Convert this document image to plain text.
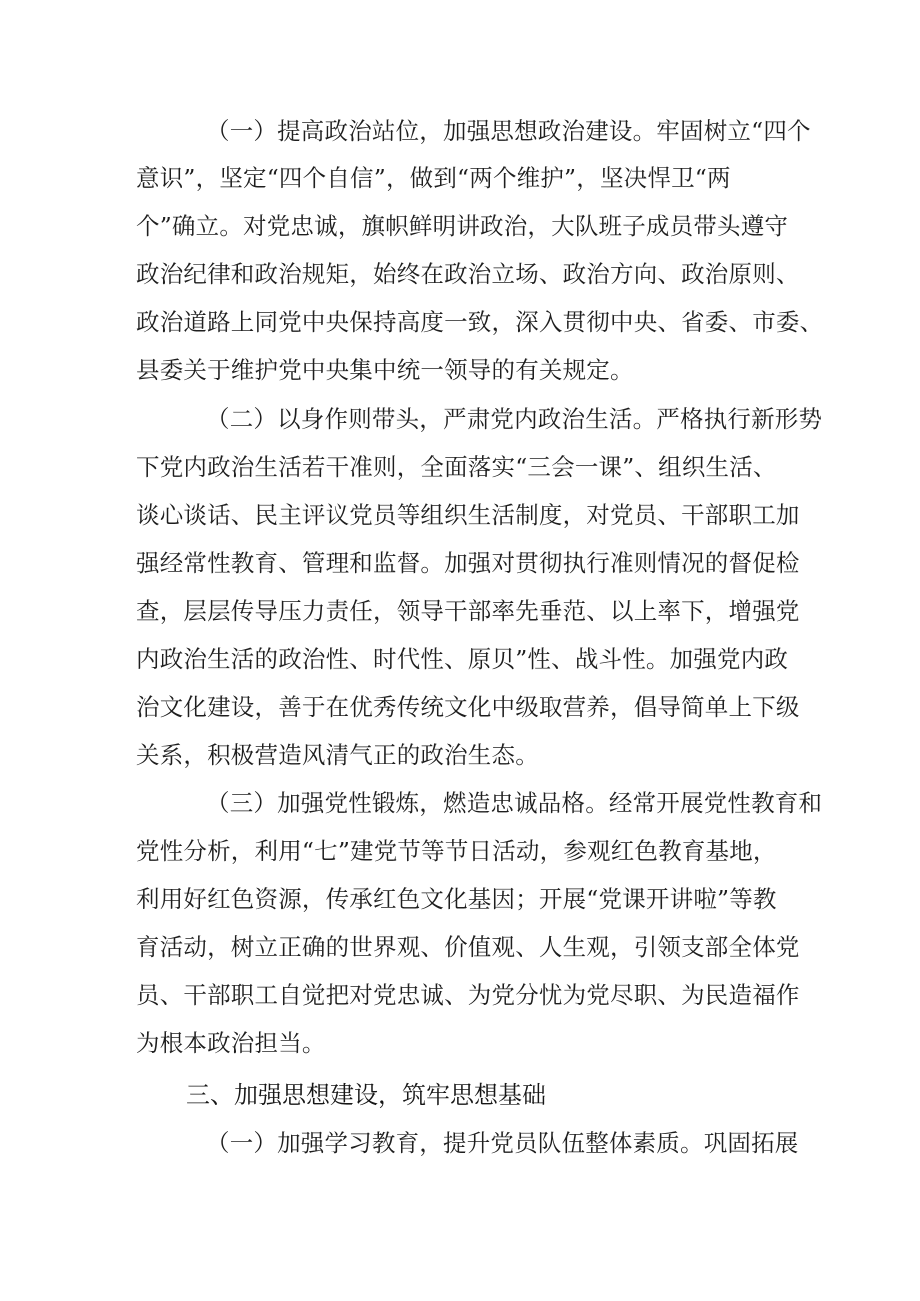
（一）提高政治站位，加强思想政治建设。牢固树立“四个
意识”，坚定“四个自信”，做到“两个维护”，坚决悍卫“两
个”确立。对党忠诚，旗帜鲜明讲政治，大队班子成员带头遵守
政治纪律和政治规矩，始终在政治立场、政治方向、政治原则、
政治道路上同党中央保持高度一致，深入贯彻中央、省委、市委、
县委关于维护党中央集中统一领导的有关规定。
（二）以身作则带头，严肃党内政治生活。严格执行新形势
下党内政治生活若干准则，全面落实“三会一课”、组织生活、
谈心谈话、民主评议党员等组织生活制度，对党员、干部职工加
强经常性教育、管理和监督。加强对贯彻执行准则情况的督促检
查，层层传导压力责任，领导干部率先垂范、以上率下，增强党
内政治生活的政治性、时代性、原贝”性、战斗性。加强党内政
治文化建设，善于在优秀传统文化中级取营养，倡导简单上下级
关系，积极营造风清气正的政治生态。
（三）加强党性锻炼，燃造忠诚品格。经常开展党性教育和
党性分析，利用“七”建党节等节日活动，参观红色教育基地，
利用好红色资源，传承红色文化基因；开展“党课开讲啦”等教
育活动，树立正确的世界观、价值观、人生观，引领支部全体党
员、干部职工自觉把对党忠诚、为党分忧为党尽职、为民造福作
为根本政治担当。
三、加强思想建设，筑牢思想基础
（一）加强学习教育，提升党员队伍整体素质。巩固拓展
